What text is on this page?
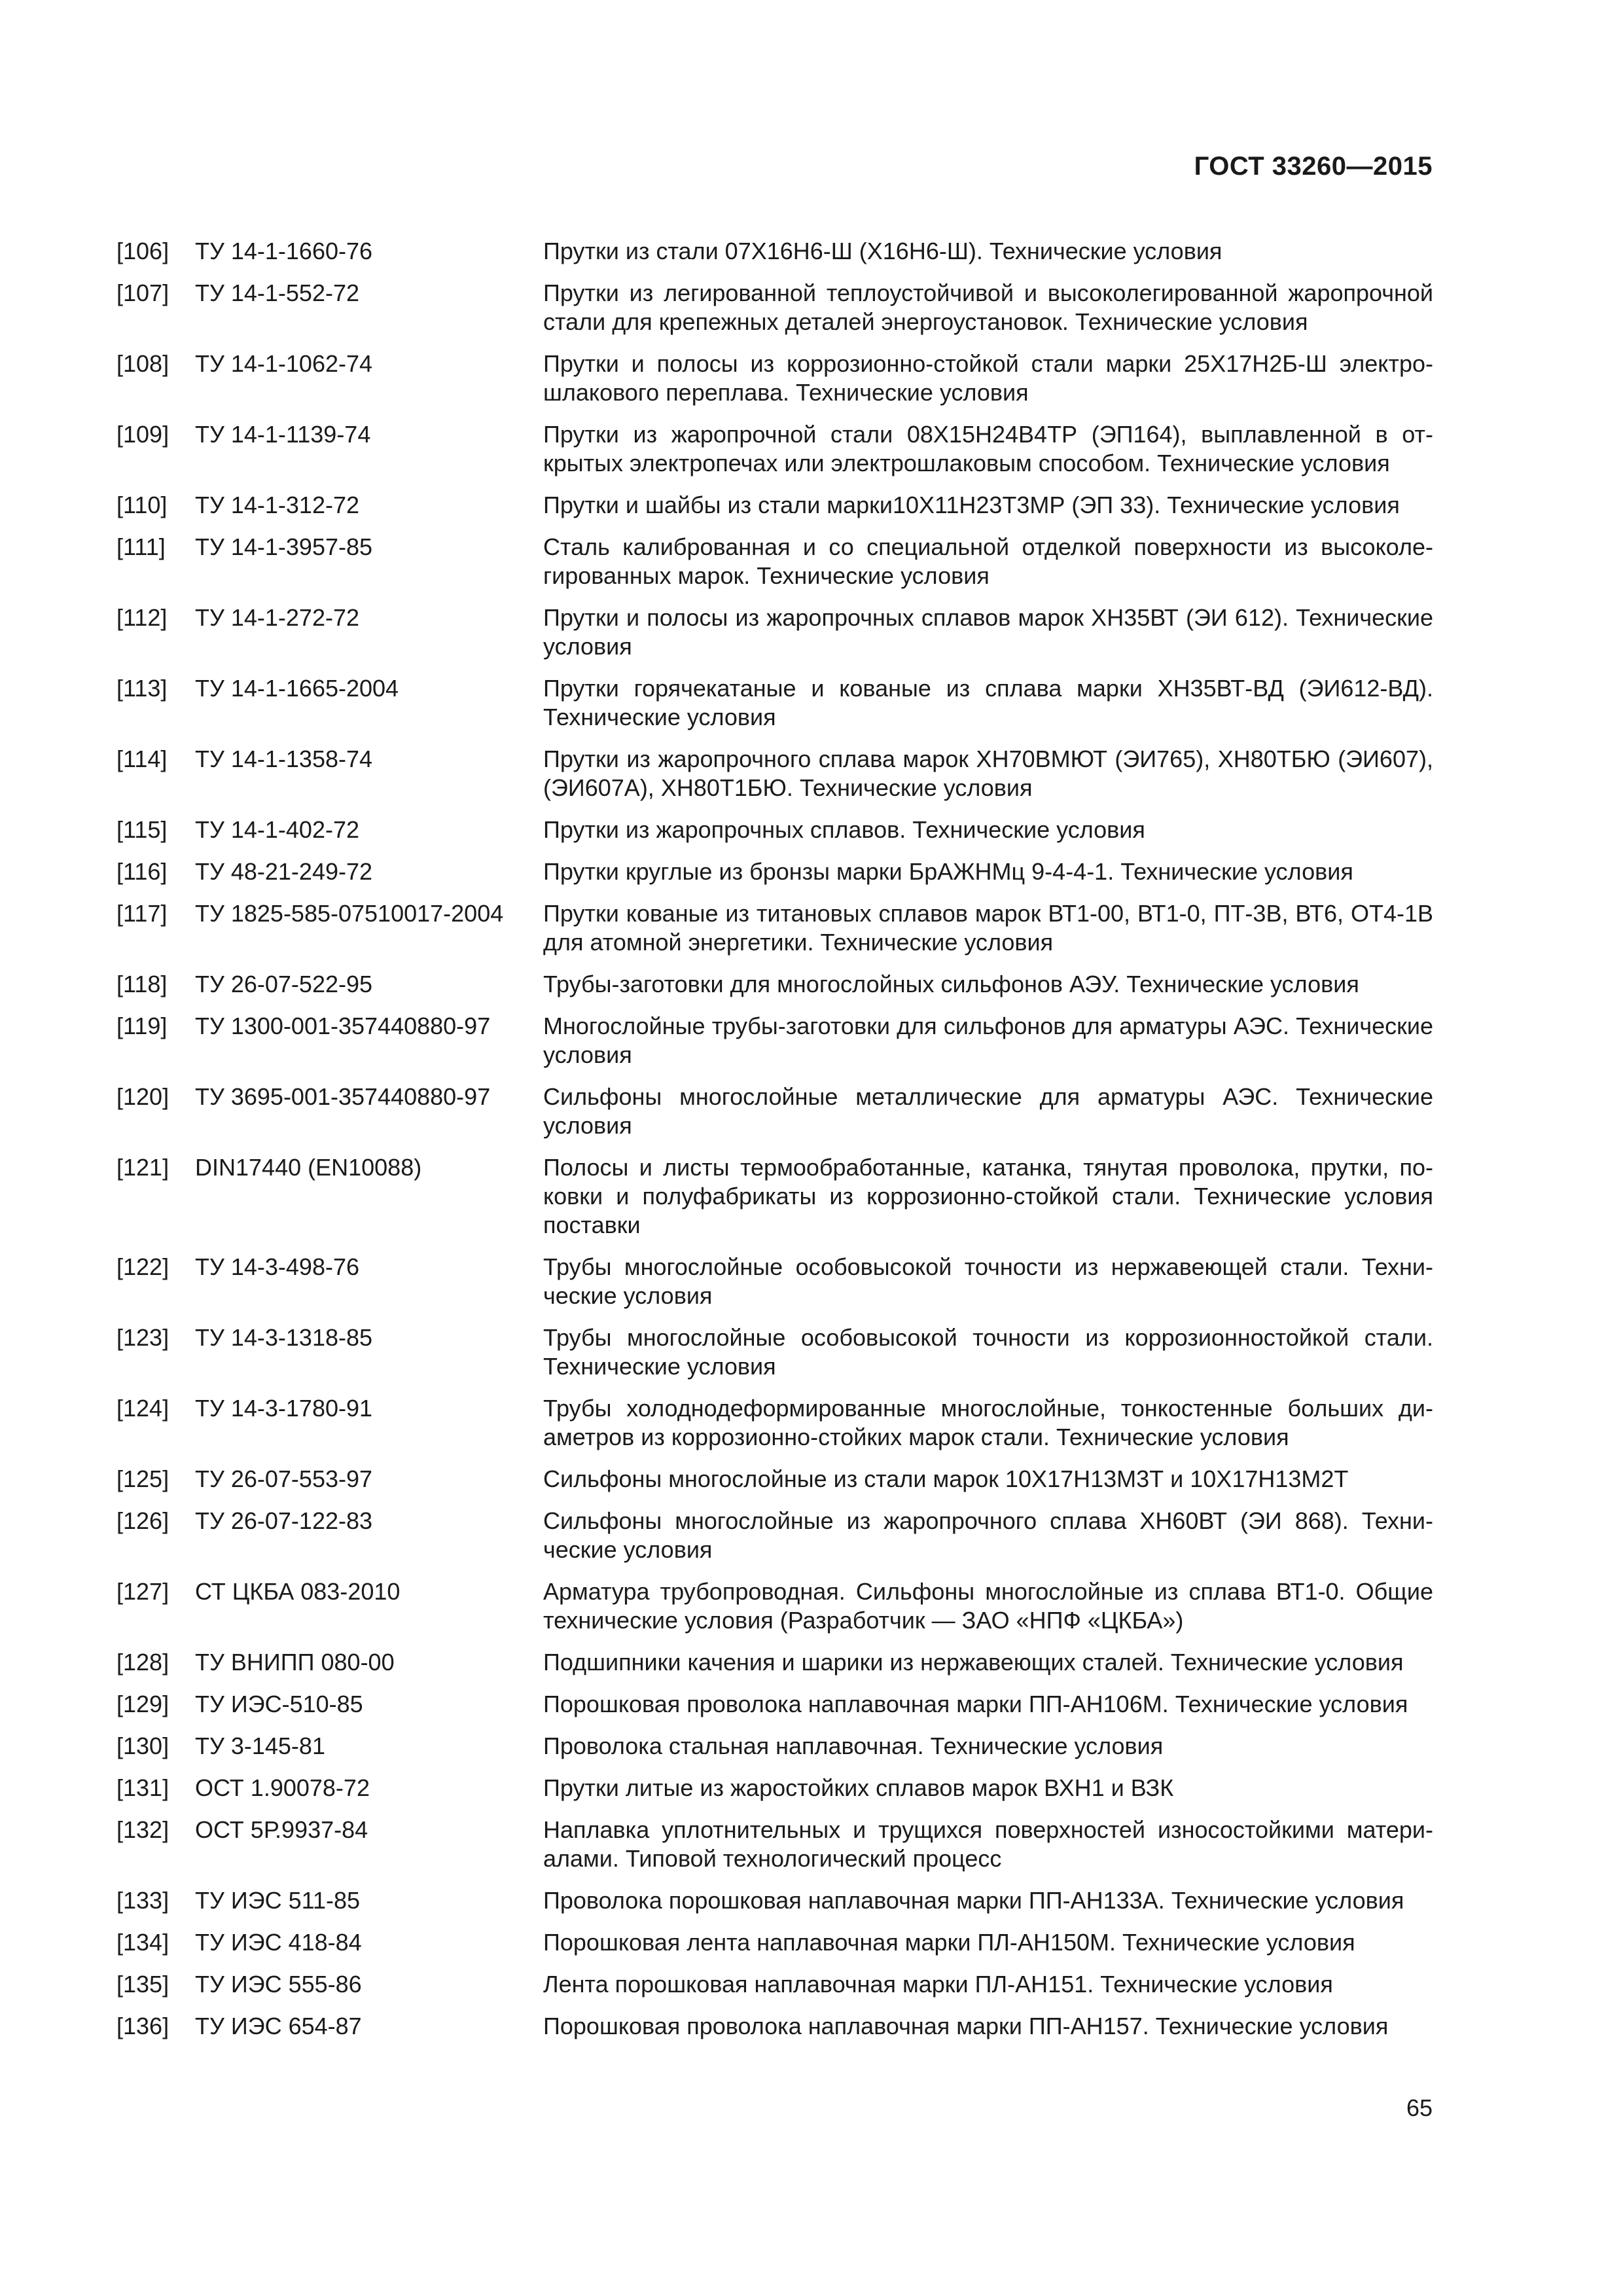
ГОСТ 33260—2015
[106]	ТУ 14-1-1660-76	Прутки из стали 07Х16Н6-Ш (Х16Н6-Ш). Технические условия
[107]	ТУ 14-1-552-72	Прутки из легированной теплоустойчивой и высоколегированной жаропрочной стали для крепежных деталей энергоустановок. Технические условия
[108]	ТУ 14-1-1062-74	Прутки и полосы из коррозионно-стойкой стали марки 25Х17Н2Б-Ш электрошлакового переплава. Технические условия
[109]	ТУ 14-1-1139-74	Прутки из жаропрочной стали 08Х15Н24В4ТР (ЭП164), выплавленной в открытых электропечах или электрошлаковым способом. Технические условия
[110]	ТУ 14-1-312-72	Прутки и шайбы из стали марки10Х11Н23Т3МР (ЭП 33). Технические условия
[111]	ТУ 14-1-3957-85	Сталь калиброванная и со специальной отделкой поверхности из высоколегированных марок. Технические условия
[112]	ТУ 14-1-272-72	Прутки и полосы из жаропрочных сплавов марок ХН35ВТ (ЭИ 612). Технические условия
[113]	ТУ 14-1-1665-2004	Прутки горячекатаные и кованые из сплава марки ХН35ВТ-ВД (ЭИ612-ВД). Технические условия
[114]	ТУ 14-1-1358-74	Прутки из жаропрочного сплава марок ХН70ВМЮТ (ЭИ765), ХН80ТБЮ (ЭИ607), (ЭИ607А), ХН80Т1БЮ. Технические условия
[115]	ТУ 14-1-402-72	Прутки из жаропрочных сплавов. Технические условия
[116]	ТУ 48-21-249-72	Прутки круглые из бронзы марки БрАЖНМц 9-4-4-1. Технические условия
[117]	ТУ 1825-585-07510017-2004	Прутки кованые из титановых сплавов марок ВТ1-00, ВТ1-0, ПТ-3В, ВТ6, ОТ4-1В для атомной энергетики. Технические условия
[118]	ТУ 26-07-522-95	Трубы-заготовки для многослойных сильфонов АЭУ. Технические условия
[119]	ТУ 1300-001-357440880-97	Многослойные трубы-заготовки для сильфонов для арматуры АЭС. Технические условия
[120]	ТУ 3695-001-357440880-97	Сильфоны многослойные металлические для арматуры АЭС. Технические условия
[121]	DIN17440 (EN10088)	Полосы и листы термообработанные, катанка, тянутая проволока, прутки, поковки и полуфабрикаты из коррозионно-стойкой стали. Технические условия поставки
[122]	ТУ 14-3-498-76	Трубы многослойные особовысокой точности из нержавеющей стали. Технические условия
[123]	ТУ 14-3-1318-85	Трубы многослойные особовысокой точности из коррозионностойкой стали. Технические условия
[124]	ТУ 14-3-1780-91	Трубы холоднодеформированные многослойные, тонкостенные больших диаметров из коррозионно-стойких марок стали. Технические условия
[125]	ТУ 26-07-553-97	Сильфоны многослойные из стали марок 10Х17Н13М3Т и 10Х17Н13М2Т
[126]	ТУ 26-07-122-83	Сильфоны многослойные из жаропрочного сплава ХН60ВТ (ЭИ 868). Технические условия
[127]	СТ ЦКБА 083-2010	Арматура трубопроводная. Сильфоны многослойные из сплава ВТ1-0. Общие технические условия (Разработчик — ЗАО «НПФ «ЦКБА»)
[128]	ТУ ВНИПП 080-00	Подшипники качения и шарики из нержавеющих сталей. Технические условия
[129]	ТУ ИЭС-510-85	Порошковая проволока наплавочная марки ПП-АН106М. Технические условия
[130]	ТУ 3-145-81	Проволока стальная наплавочная. Технические условия
[131]	ОСТ 1.90078-72	Прутки литые из жаростойких сплавов марок ВХН1 и ВЗК
[132]	ОСТ 5Р.9937-84	Наплавка уплотнительных и трущихся поверхностей износостойкими материалами. Типовой технологический процесс
[133]	ТУ ИЭС 511-85	Проволока порошковая наплавочная марки ПП-АН133А. Технические условия
[134]	ТУ ИЭС 418-84	Порошковая лента наплавочная марки ПЛ-АН150М. Технические условия
[135]	ТУ ИЭС 555-86	Лента порошковая наплавочная марки ПЛ-АН151. Технические условия
[136]	ТУ ИЭС 654-87	Порошковая проволока наплавочная марки ПП-АН157. Технические условия
65
